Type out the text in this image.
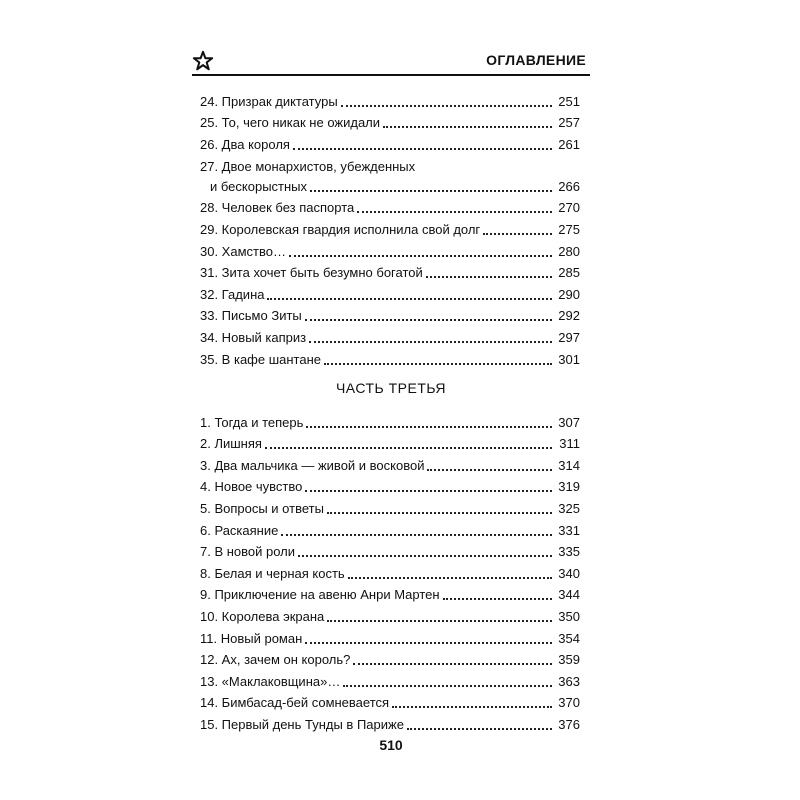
ОГЛАВЛЕНИЕ
24. Призрак диктатуры	251
25. То, чего никак не ожидали	257
26. Два короля	261
27. Двое монархистов, убежденных
и бескорыстных	266
28. Человек без паспорта	270
29. Королевская гвардия исполнила свой долг	275
30. Хамство…	280
31. Зита хочет быть безумно богатой	285
32. Гадина	290
33. Письмо Зиты	292
34. Новый каприз	297
35. В кафе шантане	301
ЧАСТЬ ТРЕТЬЯ
1. Тогда и теперь	307
2. Лишняя	311
3. Два мальчика — живой и восковой	314
4. Новое чувство	319
5. Вопросы и ответы	325
6. Раскаяние	331
7. В новой роли	335
8. Белая и черная кость	340
9. Приключение на авеню Анри Мартен	344
10. Королева экрана	350
11. Новый роман	354
12. Ах, зачем он король?	359
13. «Маклаковщина»…	363
14. Бимбасад-бей сомневается	370
15. Первый день Тунды в Париже	376
510
